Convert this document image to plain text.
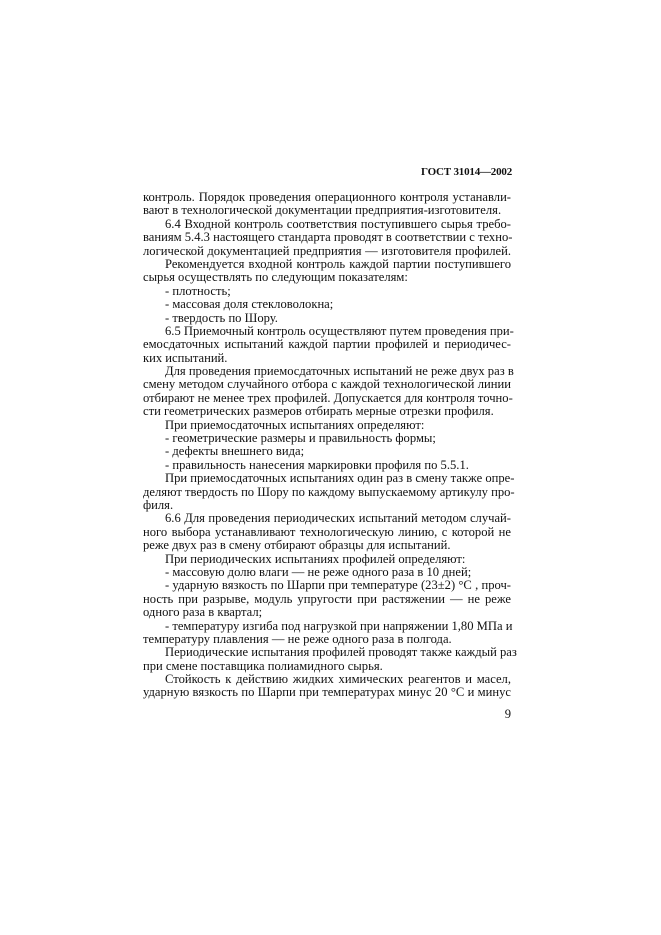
ГОСТ 31014—2002
контроль. Порядок проведения операционного контроля устанавли-
вают в технологической документации предприятия-изготовителя.
6.4 Входной контроль соответствия поступившего сырья требо-
ваниям 5.4.3 настоящего стандарта проводят в соответствии с техно-
логической документацией предприятия — изготовителя профилей.
Рекомендуется входной контроль каждой партии поступившего
сырья осуществлять по следующим показателям:
- плотность;
- массовая доля стекловолокна;
- твердость по Шору.
6.5 Приемочный контроль осуществляют путем проведения при-
емосдаточных испытаний каждой партии профилей и периодичес-
ких испытаний.
Для проведения приемосдаточных испытаний не реже двух раз в
смену методом случайного отбора с каждой технологической линии
отбирают не менее трех профилей. Допускается для контроля точно-
сти геометрических размеров отбирать мерные отрезки профиля.
При приемосдаточных испытаниях определяют:
- геометрические размеры и правильность формы;
- дефекты внешнего вида;
- правильность нанесения маркировки профиля по 5.5.1.
При приемосдаточных испытаниях один раз в смену также опре-
деляют твердость по Шору по каждому выпускаемому артикулу про-
филя.
6.6 Для проведения периодических испытаний методом случай-
ного выбора устанавливают технологическую линию, с которой не
реже двух раз в смену отбирают образцы для испытаний.
При периодических испытаниях профилей определяют:
- массовую долю влаги — не реже одного раза в 10 дней;
- ударную вязкость по Шарпи при температуре (23±2) °С , проч-
ность при разрыве, модуль упругости при растяжении — не реже
одного раза в квартал;
- температуру изгиба под нагрузкой при напряжении 1,80 МПа и
температуру плавления — не реже одного раза в полгода.
Периодические испытания профилей проводят также каждый раз
при смене поставщика полиамидного сырья.
Стойкость к действию жидких химических реагентов и масел,
ударную вязкость по Шарпи при температурах минус 20 °С и минус
9
